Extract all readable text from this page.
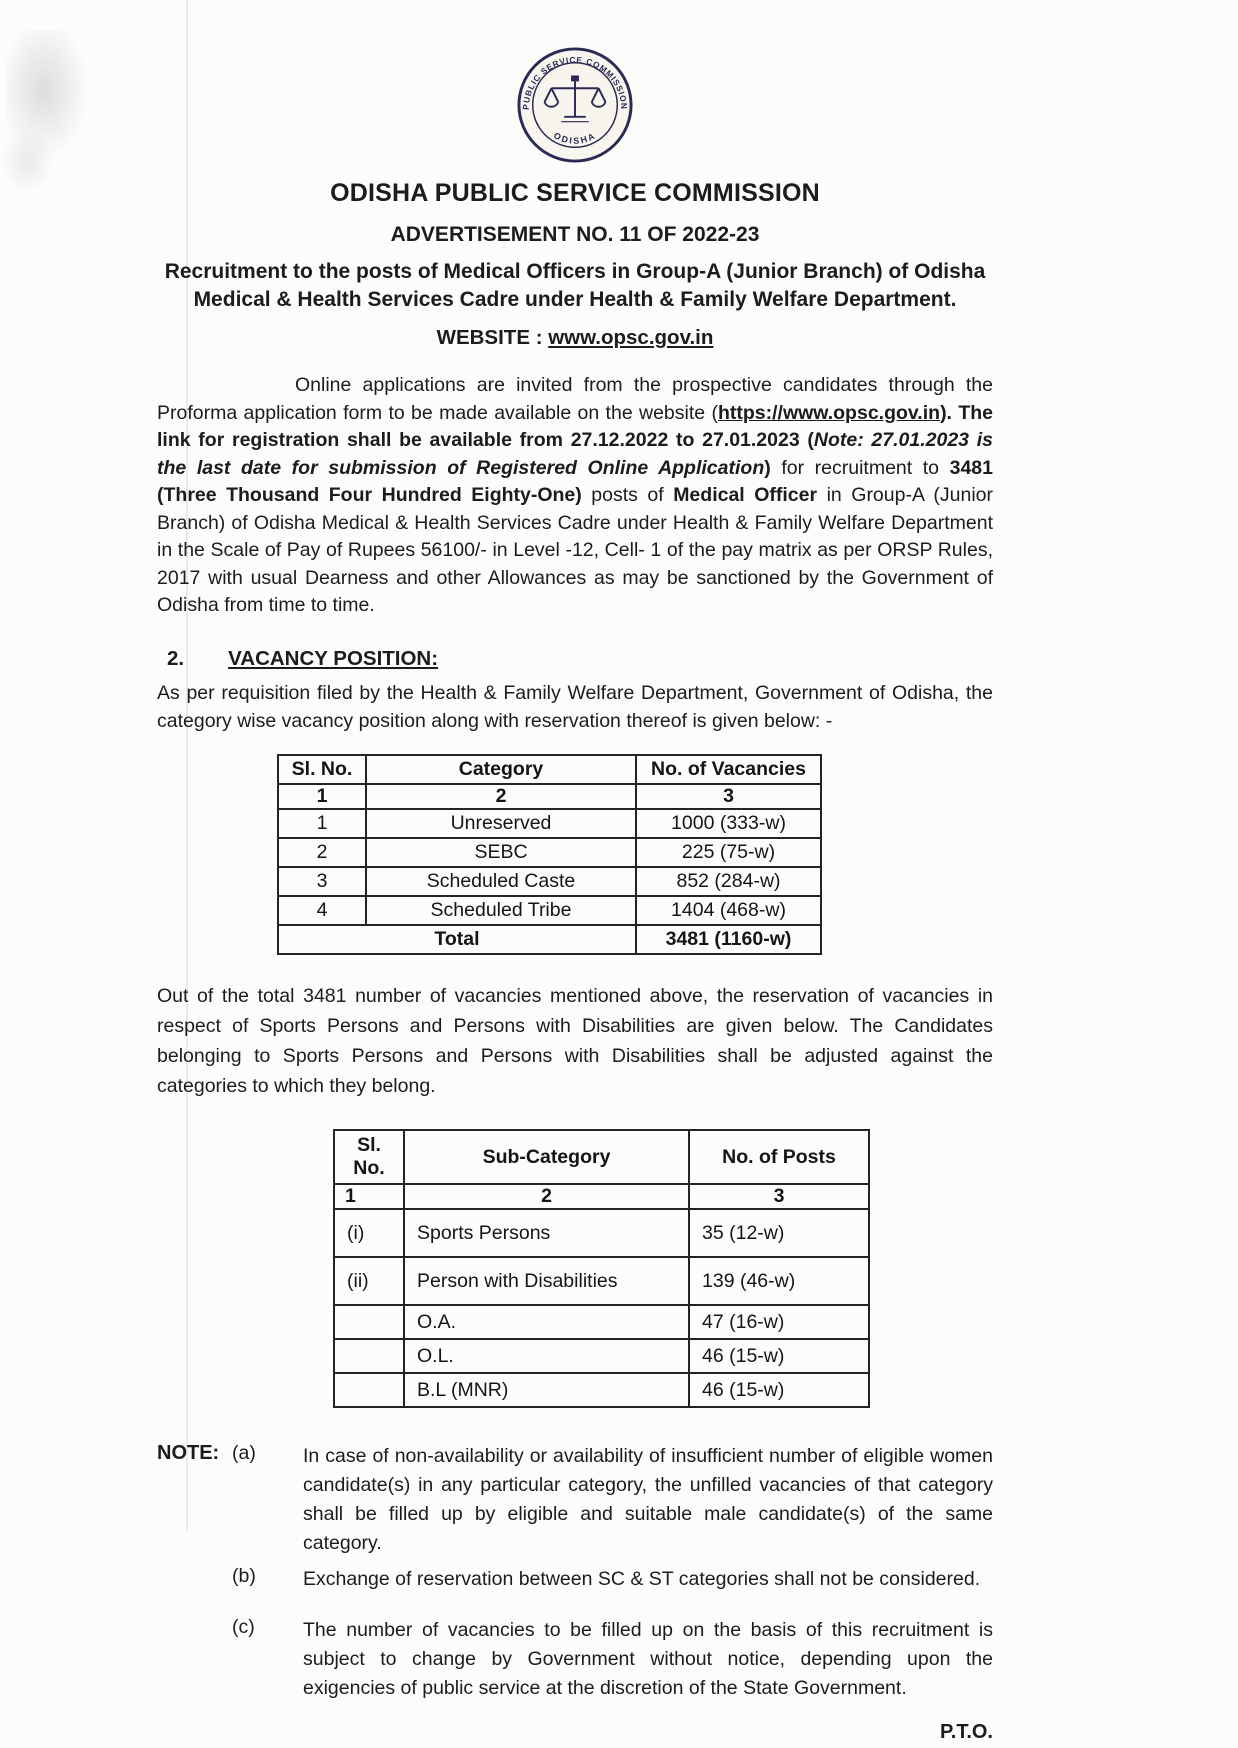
PUBLIC SERVICE COMMISSION
ODISHA
ODISHA PUBLIC SERVICE COMMISSION
ADVERTISEMENT NO. 11 OF 2022-23
Recruitment to the posts of Medical Officers in Group-A (Junior Branch) of Odisha
Medical & Health Services Cadre under Health & Family Welfare Department.
WEBSITE : www.opsc.gov.in

Online applications are invited from the prospective candidates through the Proforma application form to be made available on the website (https://www.opsc.gov.in). The link for registration shall be available from 27.12.2022 to 27.01.2023 (Note: 27.01.2023 is the last date for submission of Registered Online Application) for recruitment to 3481 (Three Thousand Four Hundred Eighty-One) posts of Medical Officer in Group-A (Junior Branch) of Odisha Medical & Health Services Cadre under Health & Family Welfare Department in the Scale of Pay of Rupees 56100/- in Level -12, Cell- 1 of the pay matrix as per ORSP Rules, 2017 with usual Dearness and other Allowances as may be sanctioned by the Government of Odisha from time to time.

2. VACANCY POSITION:

As per requisition filed by the Health & Family Welfare Department, Government of Odisha, the category wise vacancy position along with reservation thereof is given below: -

Sl. No.	Category	No. of Vacancies
1	2	3
1	Unreserved	1000 (333-w)
2	SEBC	225 (75-w)
3	Scheduled Caste	852 (284-w)
4	Scheduled Tribe	1404 (468-w)
Total		3481 (1160-w)

Out of the total 3481 number of vacancies mentioned above, the reservation of vacancies in respect of Sports Persons and Persons with Disabilities are given below. The Candidates belonging to Sports Persons and Persons with Disabilities shall be adjusted against the categories to which they belong.

Sl. No.	Sub-Category	No. of Posts
1	2	3
(i)	Sports Persons	35 (12-w)
(ii)	Person with Disabilities	139 (46-w)
	O.A.	47 (16-w)
	O.L.	46 (15-w)
	B.L (MNR)	46 (15-w)
NOTE: (a)	In case of non-availability or availability of insufficient number of eligible women candidate(s) in any particular category, the unfilled vacancies of that category shall be filled up by eligible and suitable male candidate(s) of the same category.
(b)	Exchange of reservation between SC & ST categories shall not be considered.
(c)	The number of vacancies to be filled up on the basis of this recruitment is subject to change by Government without notice, depending upon the exigencies of public service at the discretion of the State Government.
P.T.O.
